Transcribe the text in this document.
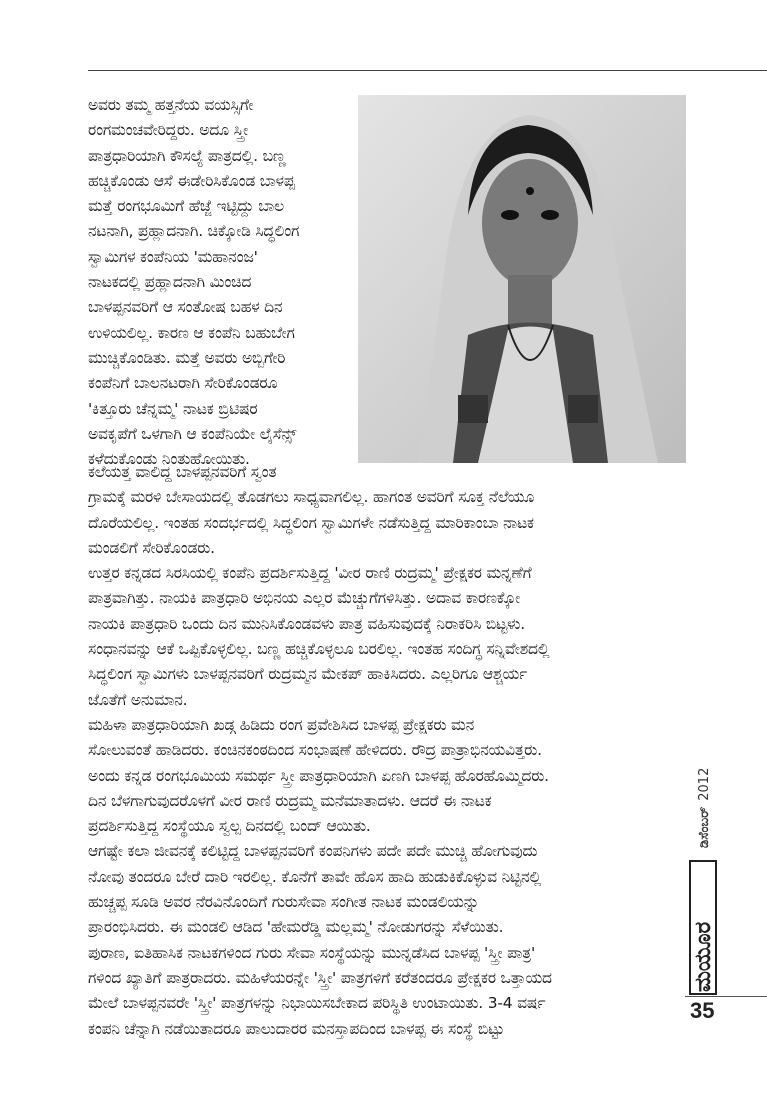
ಅವರು ತಮ್ಮ ಹತ್ತನೆಯ ವಯಸ್ಸಿಗೇ
ರಂಗಮಂಚವೇರಿದ್ದರು. ಅದೂ ಸ್ತ್ರೀ
ಪಾತ್ರಧಾರಿಯಾಗಿ ಕೌಸಲ್ಯೆ ಪಾತ್ರದಲ್ಲಿ. ಬಣ್ಣ
ಹಚ್ಚಿಕೊಂಡು ಆಸೆ ಈಡೇರಿಸಿಕೊಂಡ ಬಾಳಪ್ಪ
ಮತ್ತೆ ರಂಗಭೂಮಿಗೆ ಹೆಜ್ಜೆ ಇಟ್ಟಿದ್ದು ಬಾಲ
ನಟನಾಗಿ, ಪ್ರಹ್ಲಾದನಾಗಿ. ಚಿಕ್ಕೋಡಿ ಸಿದ್ಧಲಿಂಗ
ಸ್ವಾಮಿಗಳ ಕಂಪೆನಿಯ 'ಮಹಾನಂಜ'
ನಾಟಕದಲ್ಲಿ ಪ್ರಹ್ಲಾದನಾಗಿ ಮಿಂಚಿದ
ಬಾಳಪ್ಪನವರಿಗೆ ಆ ಸಂತೋಷ ಬಹಳ ದಿನ
ಉಳಿಯಲಿಲ್ಲ. ಕಾರಣ ಆ ಕಂಪೆನಿ ಬಹುಬೇಗ
ಮುಚ್ಚಿಕೊಂಡಿತು. ಮತ್ತೆ ಅವರು ಅಬ್ಬಿಗೇರಿ
ಕಂಪೆನಿಗೆ ಬಾಲನಟರಾಗಿ ಸೇರಿಕೊಂಡರೂ
'ಕಿತ್ತೂರು ಚೆನ್ನಮ್ಮ' ನಾಟಕ ಬ್ರಿಟಿಷರ
ಅವಕೃಪೆಗೆ ಒಳಗಾಗಿ ಆ ಕಂಪೆನಿಯೇ ಲೈಸೆನ್ಸ್
ಕಳೆದುಕೊಂಡು ನಿಂತುಹೋಯಿತು.
ಕಲೆಯತ್ತ ವಾಲಿದ್ದ ಬಾಳಪ್ಪನವರಿಗೆ ಸ್ವಂತ
ಗ್ರಾಮಕ್ಕೆ ಮರಳಿ ಬೇಸಾಯದಲ್ಲಿ ತೊಡಗಲು ಸಾಧ್ಯವಾಗಲಿಲ್ಲ. ಹಾಗಂತ ಅವರಿಗೆ ಸೂಕ್ತ ನೆಲೆಯೂ
ದೊರೆಯಲಿಲ್ಲ. ಇಂತಹ ಸಂದರ್ಭದಲ್ಲಿ ಸಿದ್ಧಲಿಂಗ ಸ್ವಾಮಿಗಳೇ ನಡೆಸುತ್ತಿದ್ದ ಮಾರಿಕಾಂಬಾ ನಾಟಕ
ಮಂಡಲಿಗೆ ಸೇರಿಕೊಂಡರು.
ಉತ್ತರ ಕನ್ನಡದ ಸಿರಸಿಯಲ್ಲಿ ಕಂಪೆನಿ ಪ್ರದರ್ಶಿಸುತ್ತಿದ್ದ 'ವೀರ ರಾಣಿ ರುದ್ರಮ್ಮ' ಪ್ರೇಕ್ಷಕರ ಮನ್ನಣೆಗೆ
ಪಾತ್ರವಾಗಿತ್ತು. ನಾಯಕಿ ಪಾತ್ರಧಾರಿ ಅಭಿನಯ ಎಲ್ಲರ ಮೆಚ್ಚುಗೆಗಳಿಸಿತ್ತು. ಅದಾವ ಕಾರಣಕ್ಕೋ
ನಾಯಕಿ ಪಾತ್ರಧಾರಿ ಒಂದು ದಿನ ಮುನಿಸಿಕೊಂಡವಳು ಪಾತ್ರ ವಹಿಸುವುದಕ್ಕೆ ನಿರಾಕರಿಸಿ ಬಿಟ್ಟಳು.
ಸಂಧಾನವನ್ನು ಆಕೆ ಒಪ್ಪಿಕೊಳ್ಳಲಿಲ್ಲ. ಬಣ್ಣ ಹಚ್ಚಿಕೊಳ್ಳಲೂ ಬರಲಿಲ್ಲ. ಇಂತಹ ಸಂದಿಗ್ಧ ಸನ್ನಿವೇಶದಲ್ಲಿ
ಸಿದ್ಧಲಿಂಗ ಸ್ವಾಮಿಗಳು ಬಾಳಪ್ಪನವರಿಗೆ ರುದ್ರಮ್ಮನ ಮೇಕಪ್ ಹಾಕಿಸಿದರು. ಎಲ್ಲರಿಗೂ ಆಶ್ಚರ್ಯ
ಜೊತೆಗೆ ಅನುಮಾನ.
ಮಹಿಳಾ ಪಾತ್ರಧಾರಿಯಾಗಿ ಖಡ್ಗ ಹಿಡಿದು ರಂಗ ಪ್ರವೇಶಿಸಿದ ಬಾಳಪ್ಪ ಪ್ರೇಕ್ಷಕರು ಮನ
ಸೋಲುವಂತೆ ಹಾಡಿದರು. ಕಂಚಿನಕಂಠದಿಂದ ಸಂಭಾಷಣೆ ಹೇಳಿದರು. ರೌದ್ರ ಪಾತ್ರಾಭಿನಯವಿತ್ತರು.
ಅಂದು ಕನ್ನಡ ರಂಗಭೂಮಿಯ ಸಮರ್ಥ ಸ್ತ್ರೀ ಪಾತ್ರಧಾರಿಯಾಗಿ ಏಣಗಿ ಬಾಳಪ್ಪ ಹೊರಹೊಮ್ಮಿದರು.
ದಿನ ಬೆಳಗಾಗುವುದರೊಳಗೆ ವೀರ ರಾಣಿ ರುದ್ರಮ್ಮ ಮನೆಮಾತಾದಳು. ಆದರೆ ಈ ನಾಟಕ
ಪ್ರದರ್ಶಿಸುತ್ತಿದ್ದ ಸಂಸ್ಥೆಯೂ ಸ್ವಲ್ಪ ದಿನದಲ್ಲಿ ಬಂದ್ ಆಯಿತು.
ಆಗಷ್ಟೇ ಕಲಾ ಜೀವನಕ್ಕೆ ಕಲಿಟ್ಟಿದ್ದ ಬಾಳಪ್ಪನವರಿಗೆ ಕಂಪನಿಗಳು ಪದೇ ಪದೇ ಮುಚ್ಚಿ ಹೋಗುವುದು
ನೋವು ತಂದರೂ ಬೇರೆ ದಾರಿ ಇರಲಿಲ್ಲ. ಕೊನೆಗೆ ತಾವೇ ಹೊಸ ಹಾದಿ ಹುಡುಕಿಕೊಳ್ಳುವ ನಿಟ್ಟಿನಲ್ಲಿ
ಹುಚ್ಚಪ್ಪ ಸೂಡಿ ಅವರ ನೆರವಿನೊಂದಿಗೆ ಗುರುಸೇವಾ ಸಂಗೀತ ನಾಟಕ ಮಂಡಲಿಯನ್ನು
ಪ್ರಾರಂಭಿಸಿದರು. ಈ ಮಂಡಲಿ ಆಡಿದ 'ಹೇಮರೆಡ್ಡಿ ಮಲ್ಲಮ್ಮ' ನೋಡುಗರನ್ನು ಸೆಳೆಯಿತು.
ಪುರಾಣ, ಐತಿಹಾಸಿಕ ನಾಟಕಗಳಿಂದ ಗುರು ಸೇವಾ ಸಂಸ್ಥೆಯನ್ನು ಮುನ್ನಡೆಸಿದ ಬಾಳಪ್ಪ 'ಸ್ತ್ರೀ ಪಾತ್ರ'
ಗಳಿಂದ ಖ್ಯಾತಿಗೆ ಪಾತ್ರರಾದರು. ಮಹಿಳೆಯರನ್ನೇ 'ಸ್ತ್ರೀ' ಪಾತ್ರಗಳಿಗೆ ಕರೆತಂದರೂ ಪ್ರೇಕ್ಷಕರ ಒತ್ತಾಯದ
ಮೇಲೆ ಬಾಳಪ್ಪನವರೇ 'ಸ್ತ್ರೀ' ಪಾತ್ರಗಳನ್ನು ನಿಭಾಯಿಸಬೇಕಾದ ಪರಿಸ್ಥಿತಿ ಉಂಟಾಯಿತು. 3-4 ವರ್ಷ
ಕಂಪನಿ ಚೆನ್ನಾಗಿ ನಡೆಯಿತಾದರೂ ಪಾಲುದಾರರ ಮನಸ್ತಾಪದಿಂದ ಬಾಳಪ್ಪ ಈ ಸಂಸ್ಥೆ ಬಿಟ್ಟು
ಡಿಸೆಂಬರ್2012
ಮಯೂರ
35
